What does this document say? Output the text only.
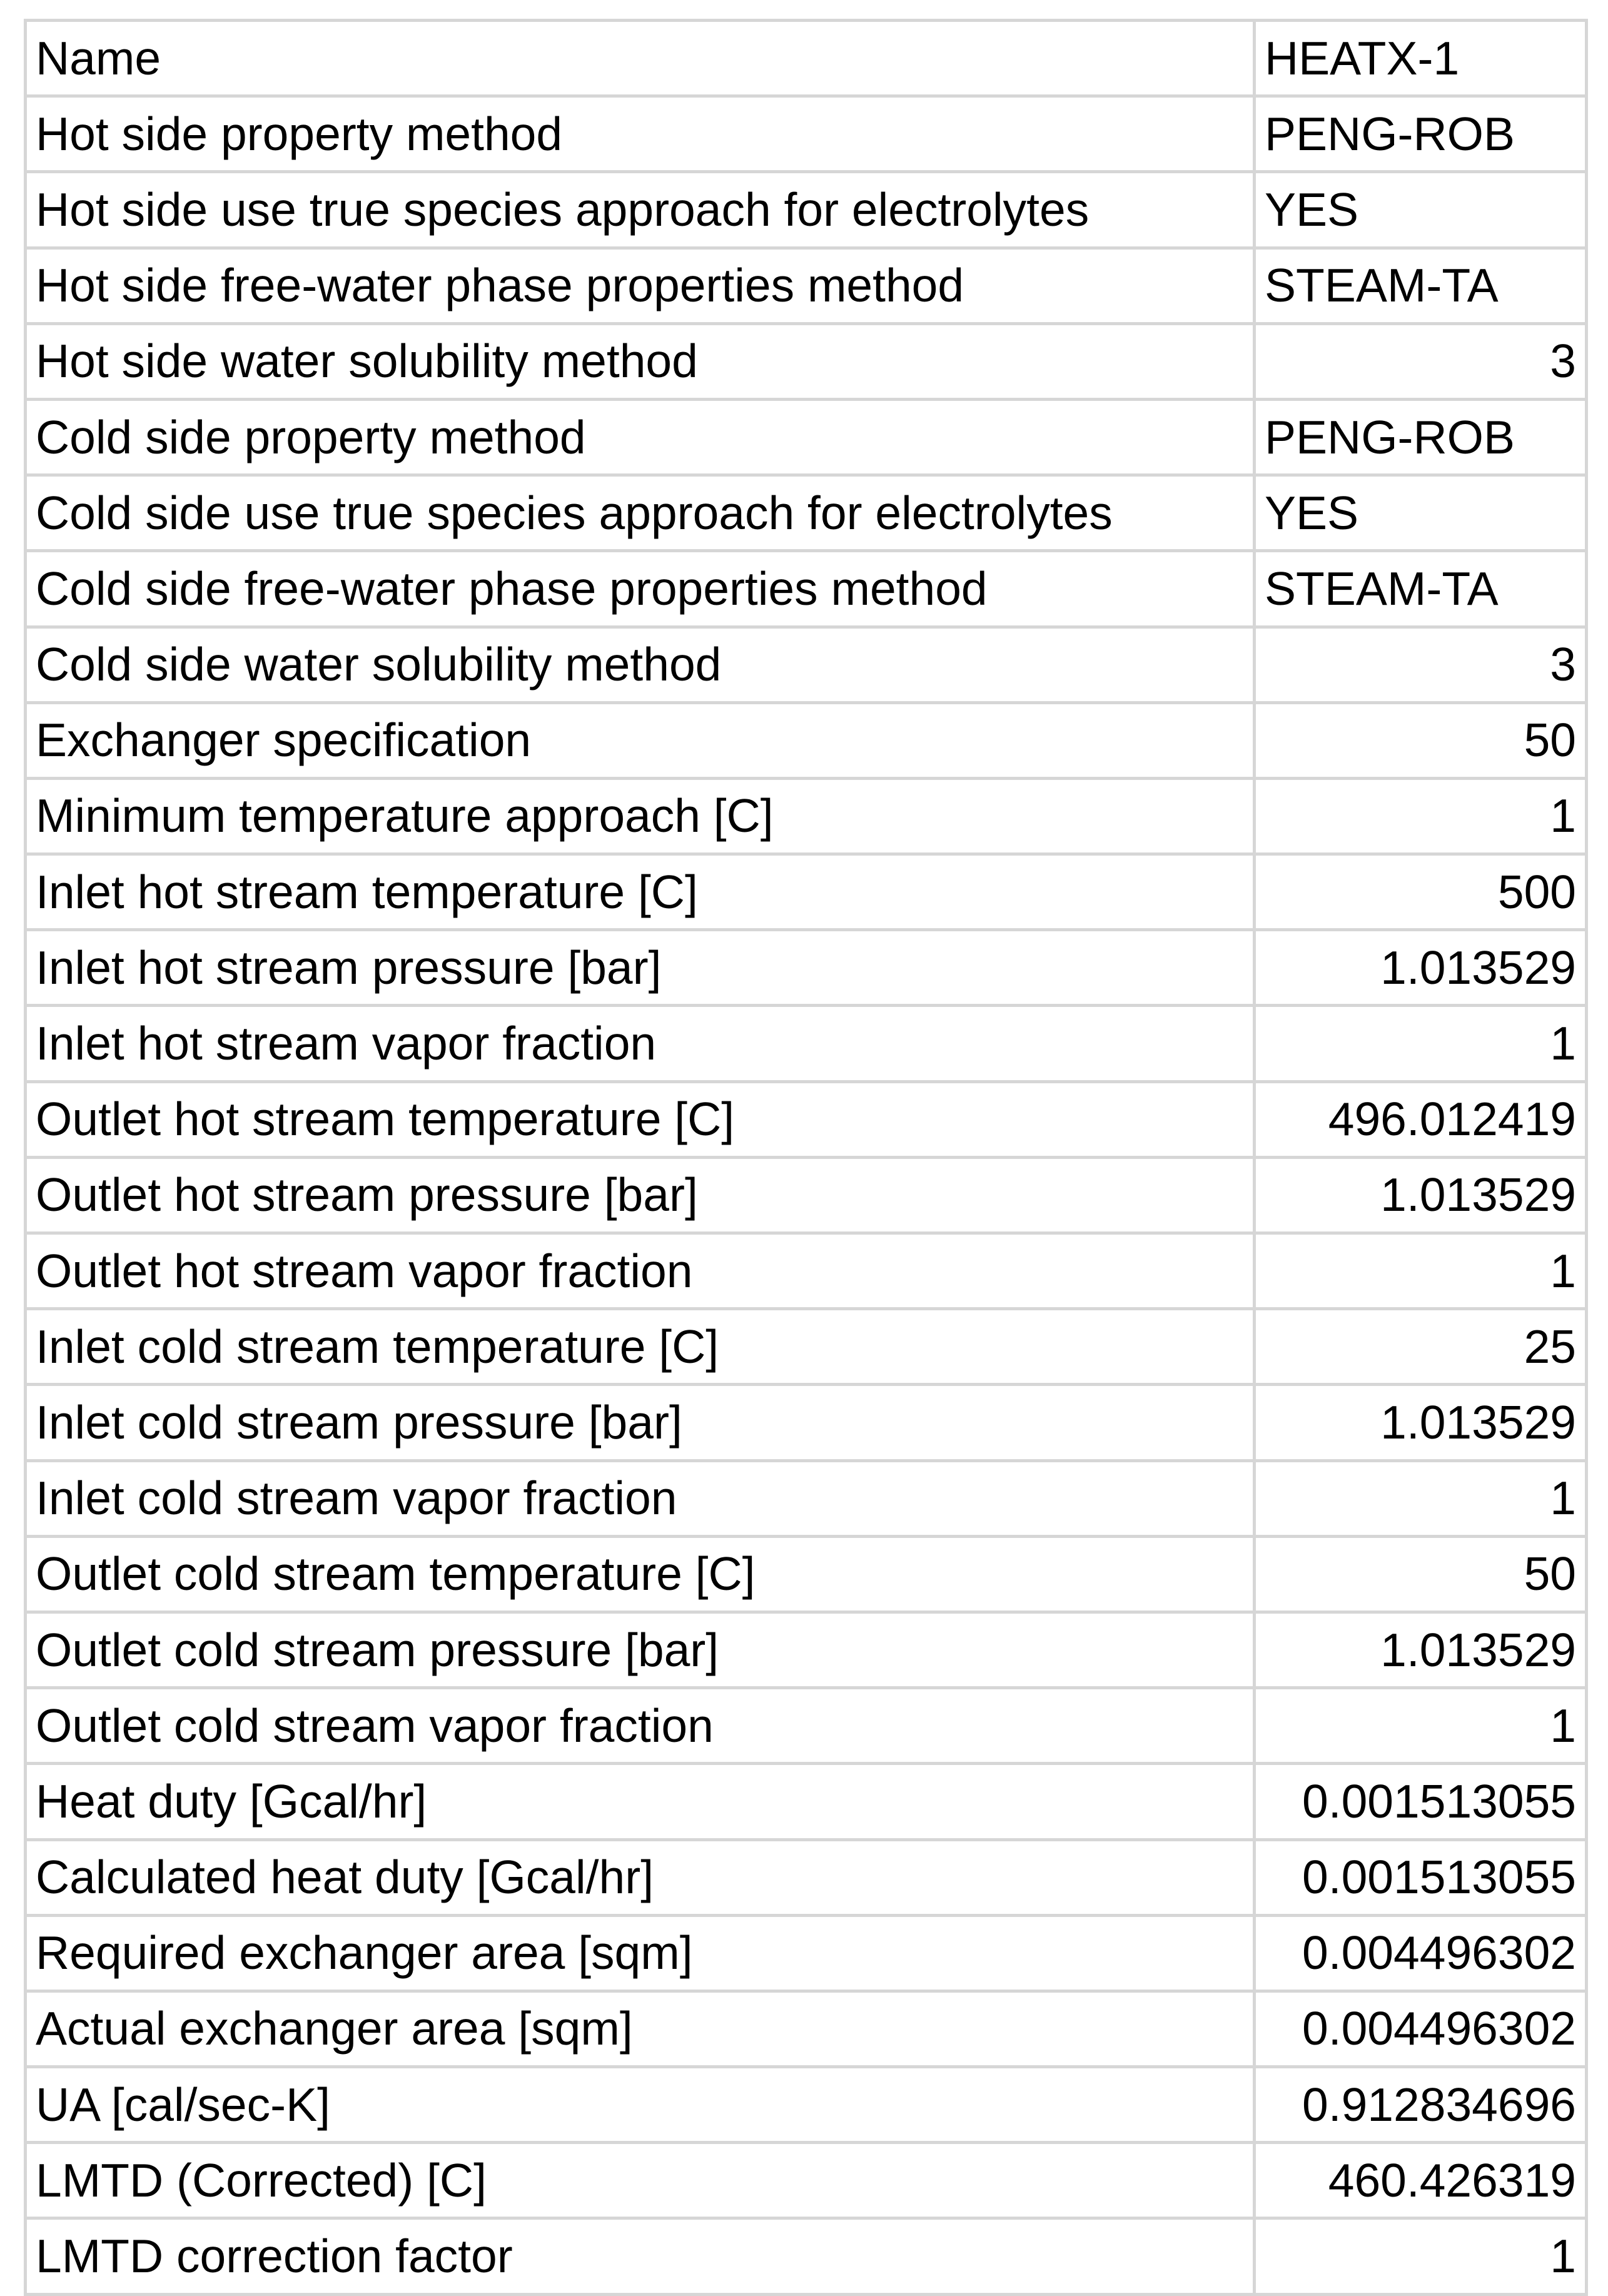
Name	HEATX-1
Hot side property method	PENG-ROB
Hot side use true species approach for electrolytes	YES
Hot side free-water phase properties method	STEAM-TA
Hot side water solubility method	3
Cold side property method	PENG-ROB
Cold side use true species approach for electrolytes	YES
Cold side free-water phase properties method	STEAM-TA
Cold side water solubility method	3
Exchanger specification	50
Minimum temperature approach [C]	1
Inlet hot stream temperature [C]	500
Inlet hot stream pressure [bar]	1.013529
Inlet hot stream vapor fraction	1
Outlet hot stream temperature [C]	496.012419
Outlet hot stream pressure [bar]	1.013529
Outlet hot stream vapor fraction	1
Inlet cold stream temperature [C]	25
Inlet cold stream pressure [bar]	1.013529
Inlet cold stream vapor fraction	1
Outlet cold stream temperature [C]	50
Outlet cold stream pressure [bar]	1.013529
Outlet cold stream vapor fraction	1
Heat duty [Gcal/hr]	0.001513055
Calculated heat duty [Gcal/hr]	0.001513055
Required exchanger area [sqm]	0.004496302
Actual exchanger area [sqm]	0.004496302
UA [cal/sec-K]	0.912834696
LMTD (Corrected) [C]	460.426319
LMTD correction factor	1
